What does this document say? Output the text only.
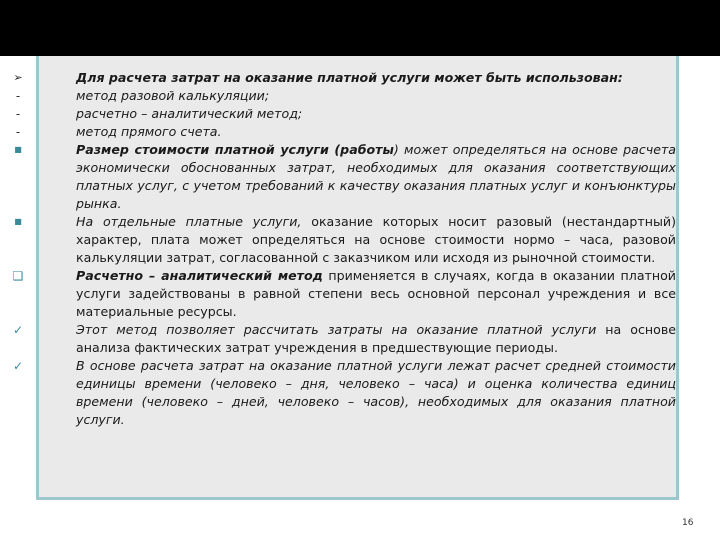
➢	Для расчета затрат на оказание платной услуги может быть использован:

-	метод разовой калькуляции;

-	расчетно – аналитический метод;

-	метод прямого счета.

■	Размер стоимости платной услуги (работы) может определяться на основе расчета экономически обоснованных затрат, необходимых для оказания соответствующих платных услуг, с учетом требований к качеству оказания платных услуг и конъюнктуры рынка.

■	На отдельные платные услуги, оказание которых носит разовый (нестандартный) характер, плата может определяться на основе стоимости нормо – часа, разовой калькуляции затрат, согласованной с заказчиком или исходя из рыночной стоимости.

❑	Расчетно – аналитический метод применяется в случаях, когда в оказании платной услуги задействованы в равной степени весь основной персонал учреждения и все материальные ресурсы.

✓	Этот метод позволяет рассчитать затраты на оказание платной услуги на основе анализа фактических затрат учреждения в предшествующие периоды.

✓	В основе расчета затрат на оказание платной услуги лежат расчет средней стоимости единицы времени (человеко – дня, человеко – часа) и оценка количества единиц времени (человеко – дней, человеко – часов), необходимых для оказания платной услуги.

16
